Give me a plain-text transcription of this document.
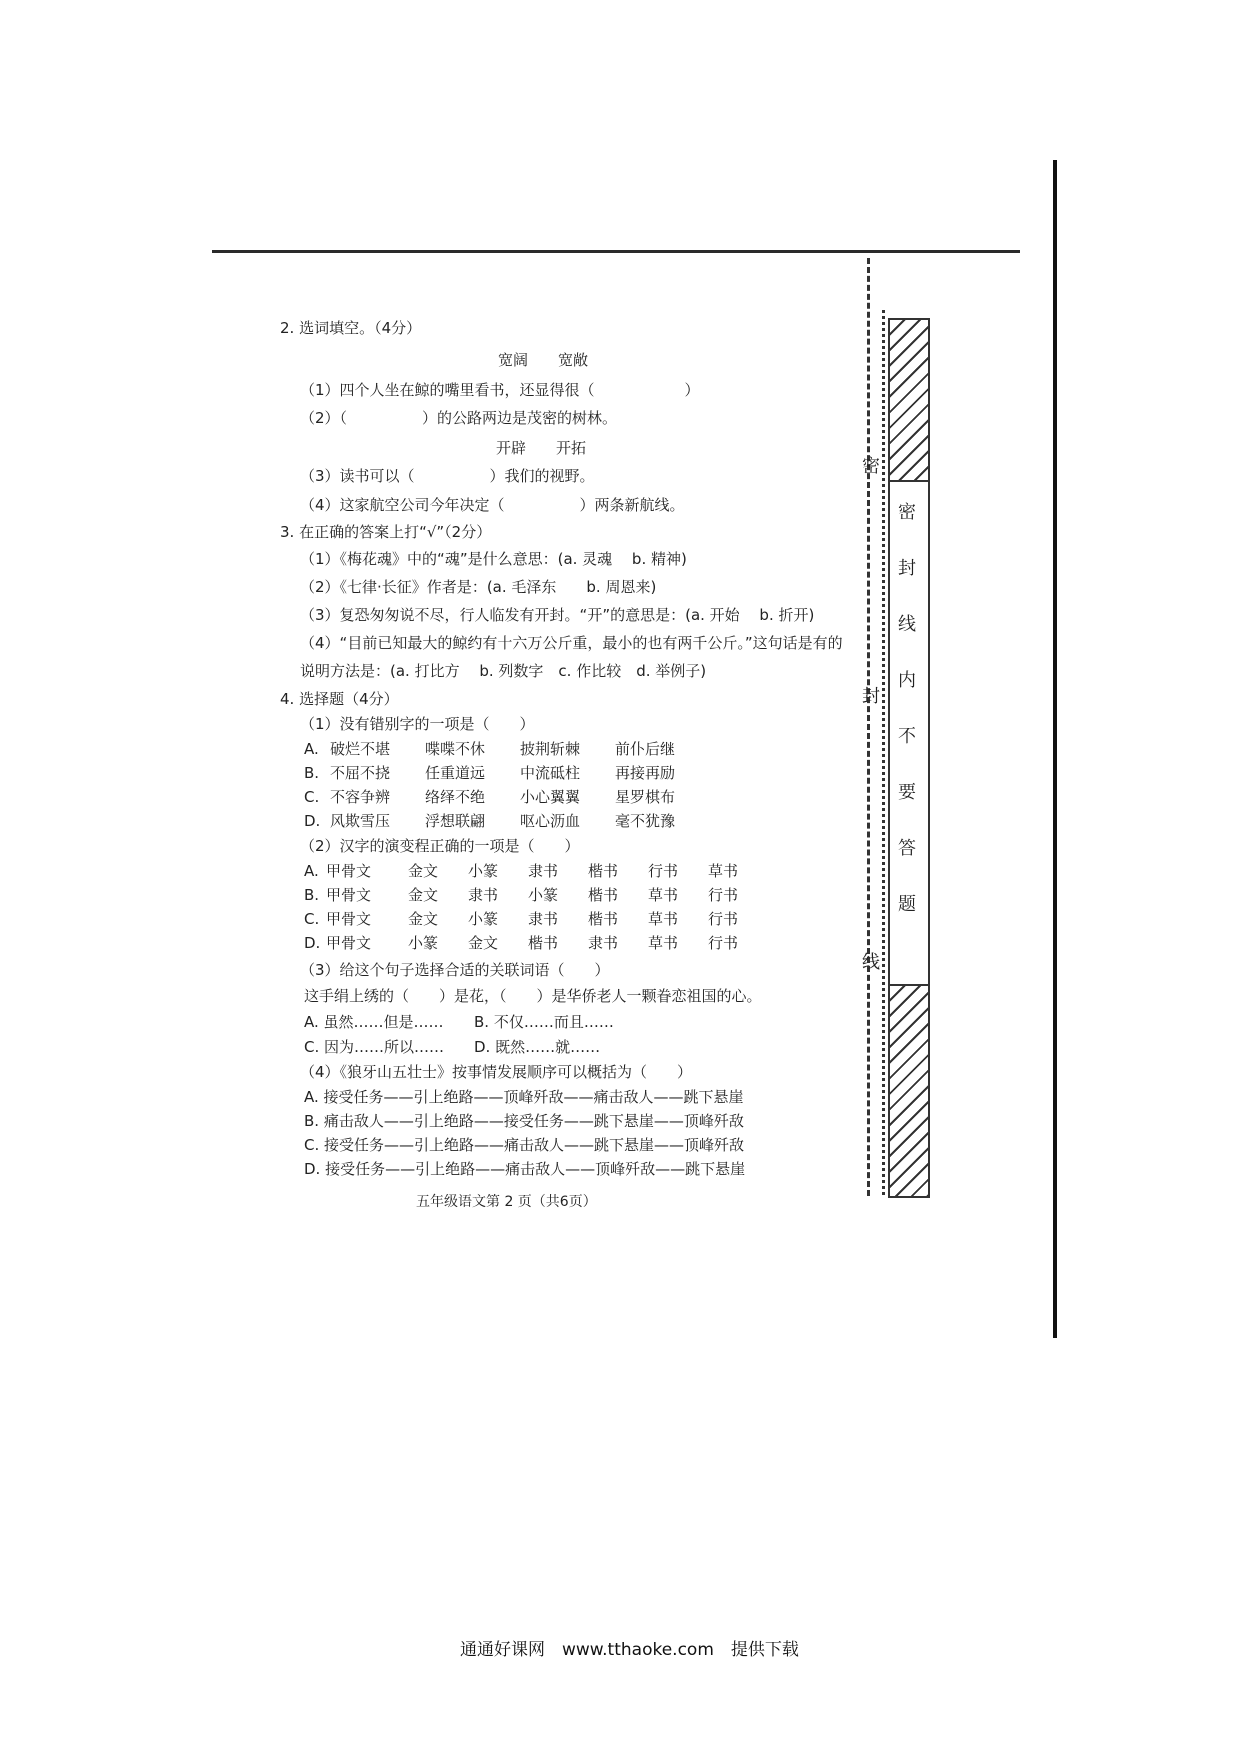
2. 选词填空。（4分）
宽阔　　宽敞
（1）四个人坐在鲸的嘴里看书，还显得很（　　　　　　）
（2）（　　　　　）的公路两边是茂密的树林。
开辟　　开拓
（3）读书可以（　　　　　）我们的视野。
（4）这家航空公司今年决定（　　　　　）两条新航线。
3. 在正确的答案上打“√”（2分）
（1）《梅花魂》中的“魂”是什么意思：(a. 灵魂　 b. 精神)
（2）《七律·长征》作者是：(a. 毛泽东　　b. 周恩来)
（3）复恐匆匆说不尽，行人临发有开封。“开”的意思是：(a. 开始　 b. 折开)
（4）“目前已知最大的鲸约有十六万公斤重，最小的也有两千公斤。”这句话是有的
说明方法是：(a. 打比方　 b. 列数字　c. 作比较　d. 举例子)
4. 选择题（4分）
（1）没有错别字的一项是（　　）
A. 破烂不堪 喋喋不休 披荆斩棘 前仆后继
B. 不屈不挠 任重道远 中流砥柱 再接再励
C. 不容争辨 络绎不绝 小心翼翼 星罗棋布
D. 风欺雪压 浮想联翩 呕心沥血 毫不犹豫
（2）汉字的演变程正确的一项是（　　）
A. 甲骨文 金文 小篆 隶书 楷书 行书 草书
B. 甲骨文 金文 隶书 小篆 楷书 草书 行书
C. 甲骨文 金文 小篆 隶书 楷书 草书 行书
D. 甲骨文 小篆 金文 楷书 隶书 草书 行书
（3）给这个句子选择合适的关联词语（　　）
这手绢上绣的（　　）是花，（　　）是华侨老人一颗眷恋祖国的心。
A. 虽然……但是…… B. 不仅……而且……
C. 因为……所以…… D. 既然……就……
（4）《狼牙山五壮士》按事情发展顺序可以概括为（　　）
A. 接受任务——引上绝路——顶峰歼敌——痛击敌人——跳下悬崖
B. 痛击敌人——引上绝路——接受任务——跳下悬崖——顶峰歼敌
C. 接受任务——引上绝路——痛击敌人——跳下悬崖——顶峰歼敌
D. 接受任务——引上绝路——痛击敌人——顶峰歼敌——跳下悬崖
五年级语文第 2 页（共6页）
密
封
线
密
封
线
内
不
要
答
题
通通好课网　www.tthaoke.com　提供下载
